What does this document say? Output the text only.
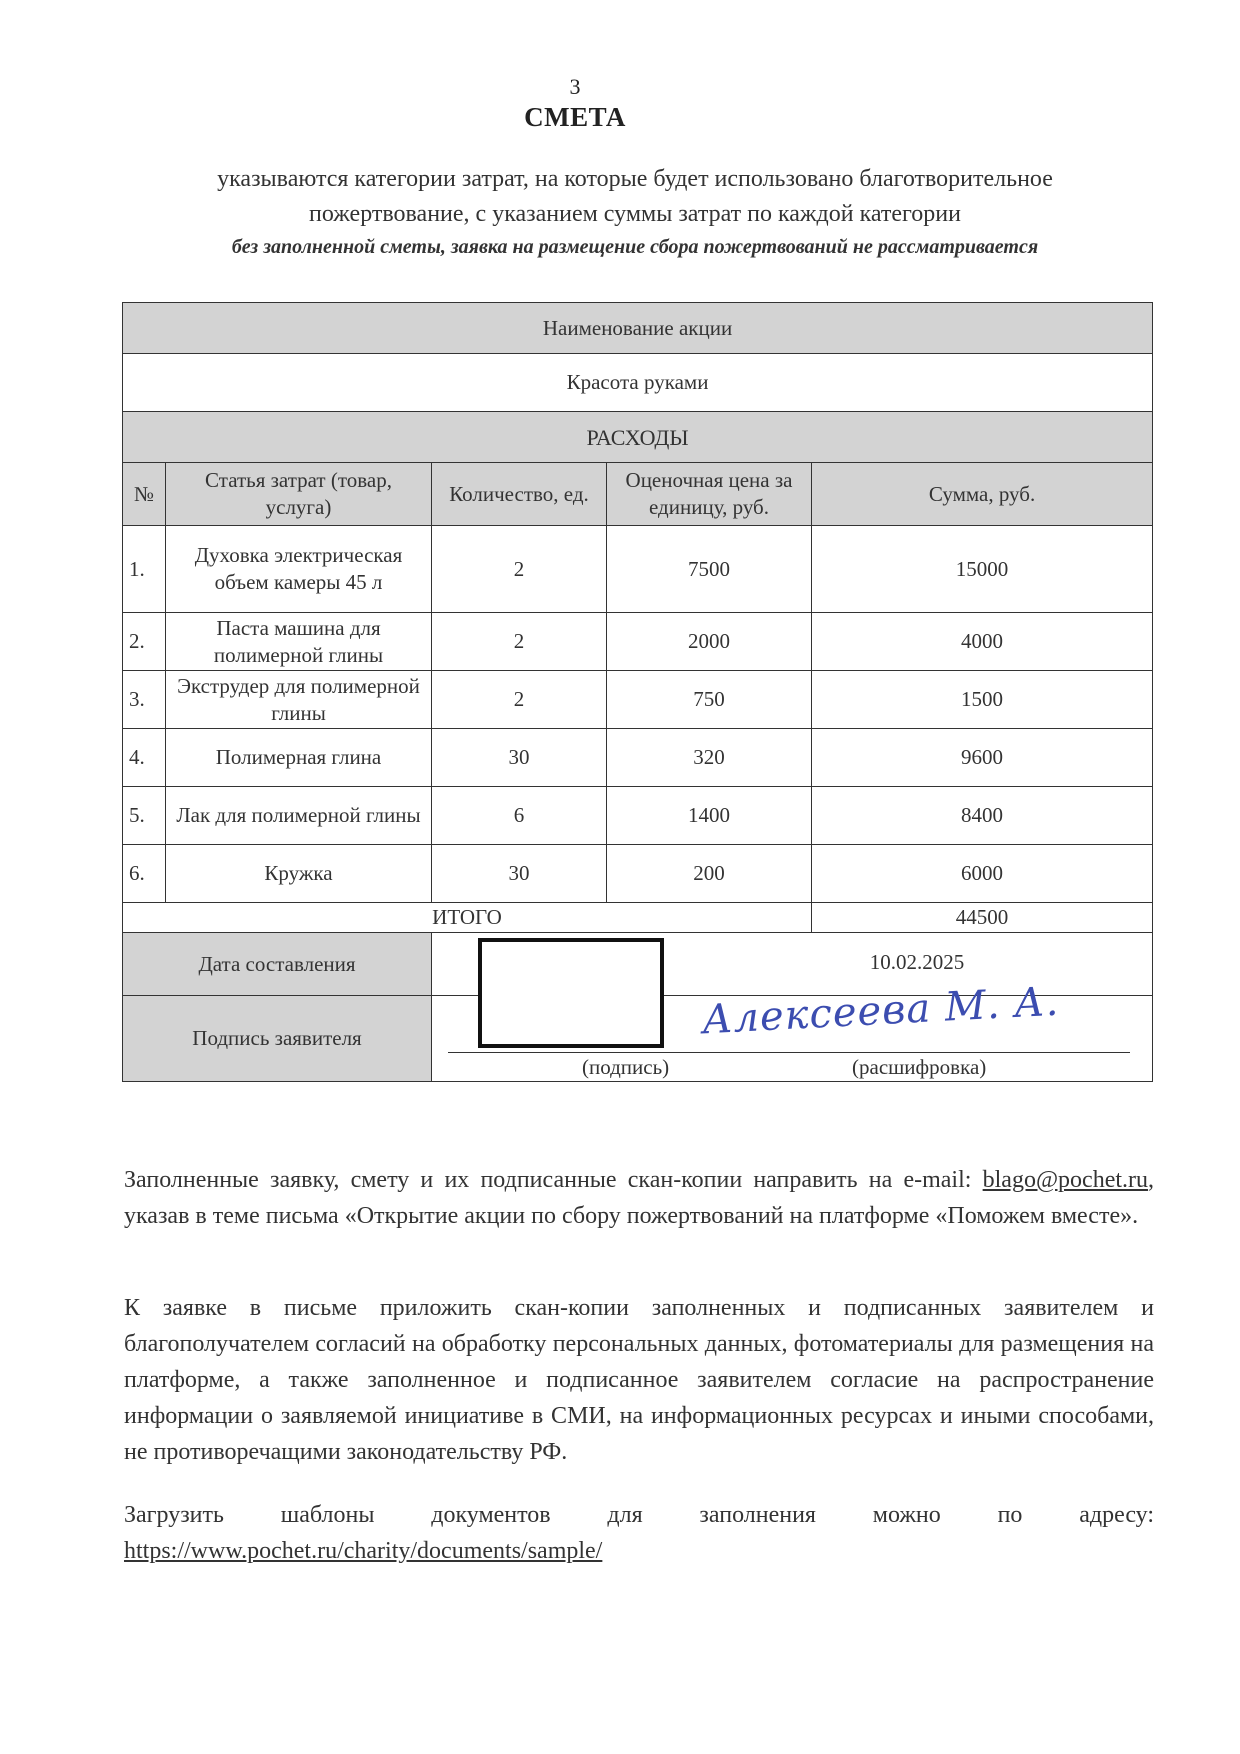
3
СМЕТА
указываются категории затрат, на которые будет использовано благотворительное
пожертвование, с указанием суммы затрат по каждой категории
без заполненной сметы, заявка на размещение сбора пожертвований не рассматривается
Наименование акции				
Красота руками				
РАСХОДЫ				
№	Статья затрат (товар, услуга)	Количество, ед.	Оценочная цена за единицу, руб.	Сумма, руб.
1.	Духовка электрическая объем камеры 45 л	2	7500	15000
2.	Паста машина для полимерной глины	2	2000	4000
3.	Экструдер для полимерной глины	2	750	1500
4.	Полимерная глина	30	320	9600
5.	Лак для полимерной глины	6	1400	8400
6.	Кружка	30	200	6000
ИТОГО				44500
Дата составления		10.02.2025		

Подпись заявителя		Алексеева М. А.
(подпись) (расшифровка)		
Заполненные заявку, смету и их подписанные скан-копии направить на e-mail: blago@pochet.ru, указав в теме письма «Открытие акции по сбору пожертвований на платформе «Поможем вместе».
К заявке в письме приложить скан-копии заполненных и подписанных заявителем и благополучателем согласий на обработку персональных данных, фотоматериалы для размещения на платформе, а также заполненное и подписанное заявителем согласие на распространение информации о заявляемой инициативе в СМИ, на информационных ресурсах и иными способами, не противоречащими законодательству РФ.
Загрузить шаблоны документов для заполнения можно по адресу: https://www.pochet.ru/charity/documents/sample/
